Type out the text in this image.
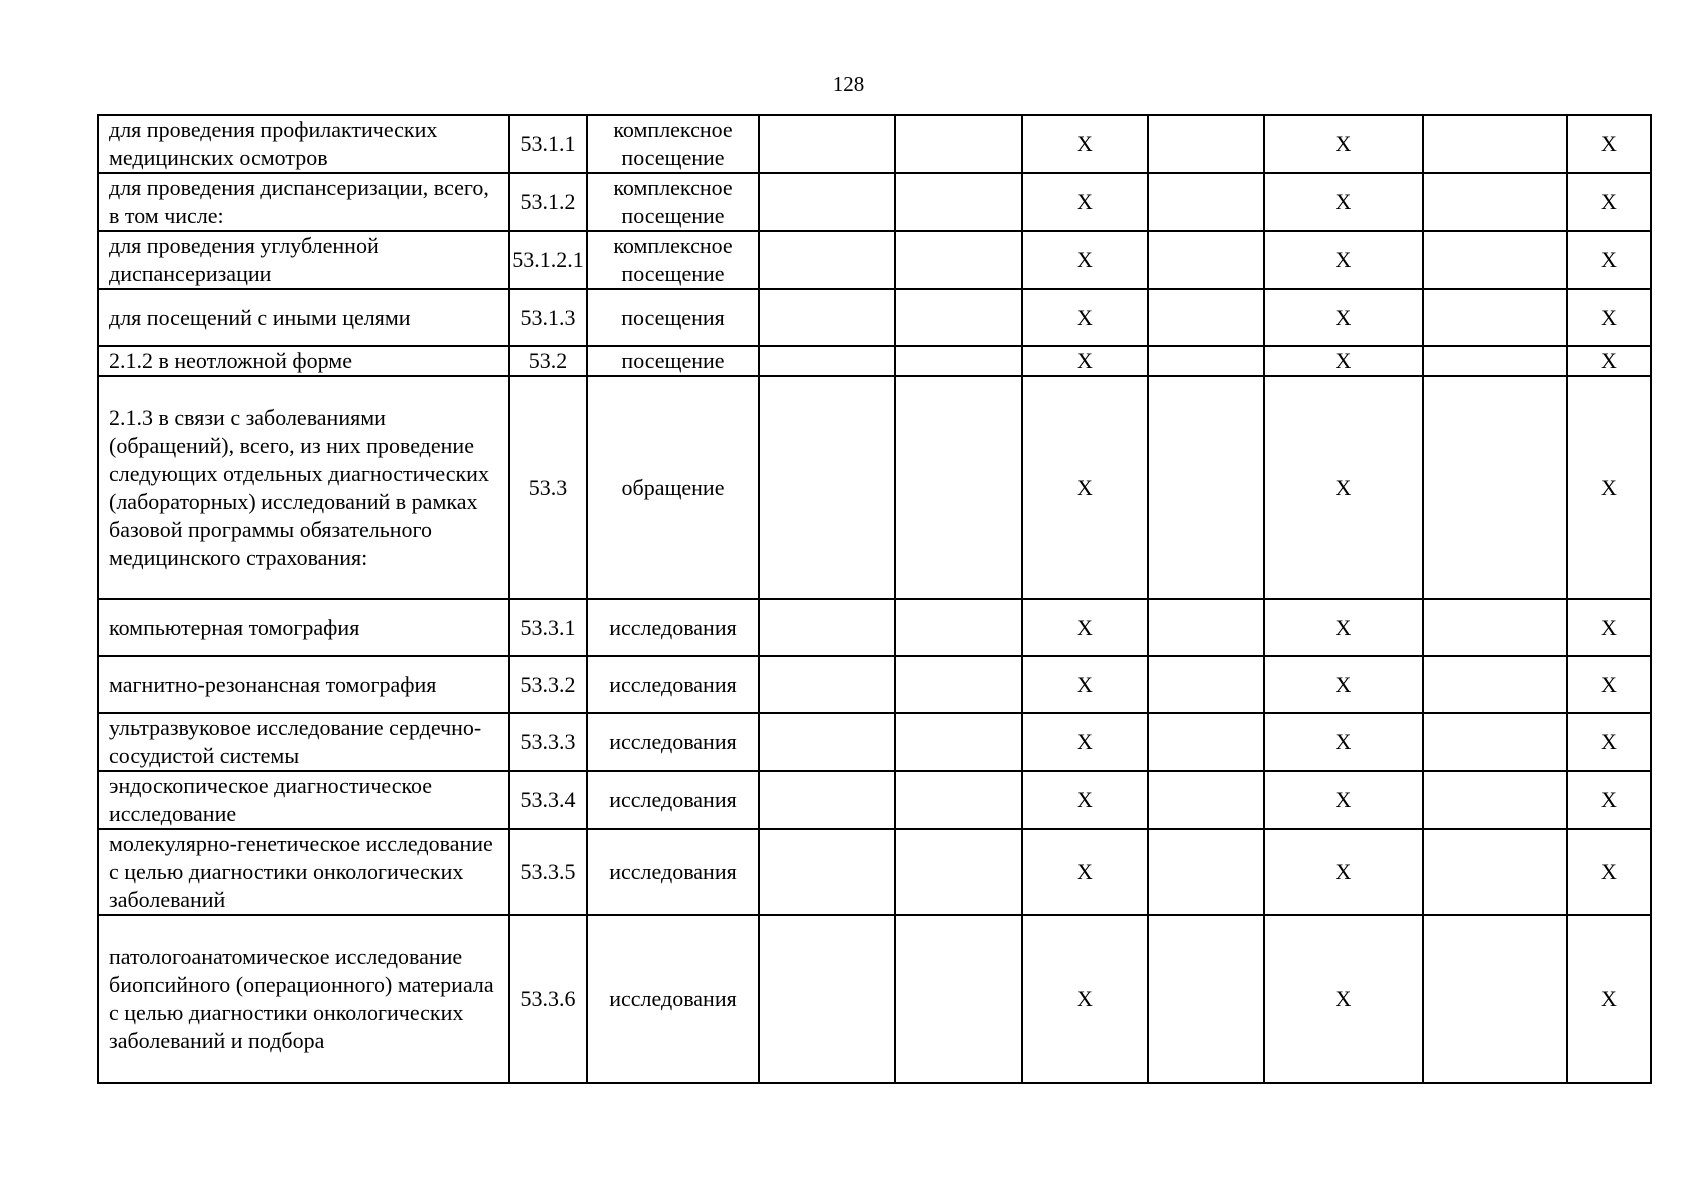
128
для проведения профилактических медицинских осмотров	53.1.1	комплексное посещение			X		X		X
для проведения диспансеризации, всего, в том числе:	53.1.2	комплексное посещение			X		X		X
для проведения углубленной диспансеризации	53.1.2.1	комплексное посещение			X		X		X
для посещений с иными целями	53.1.3	посещения			X		X		X
2.1.2 в неотложной форме	53.2	посещение			X		X		X
2.1.3 в связи с заболеваниями (обращений), всего, из них проведение следующих отдельных диагностических (лабораторных) исследований в рамках базовой программы обязательного медицинского страхования:	53.3	обращение			X		X		X
компьютерная томография	53.3.1	исследования			X		X		X
магнитно-резонансная томография	53.3.2	исследования			X		X		X
ультразвуковое исследование сердечно-сосудистой системы	53.3.3	исследования			X		X		X
эндоскопическое диагностическое исследование	53.3.4	исследования			X		X		X
молекулярно-генетическое исследование с целью диагностики онкологических заболеваний	53.3.5	исследования			X		X		X
патологоанатомическое исследование биопсийного (операционного) материала с целью диагностики онкологических заболеваний и подбора	53.3.6	исследования			X		X		X
